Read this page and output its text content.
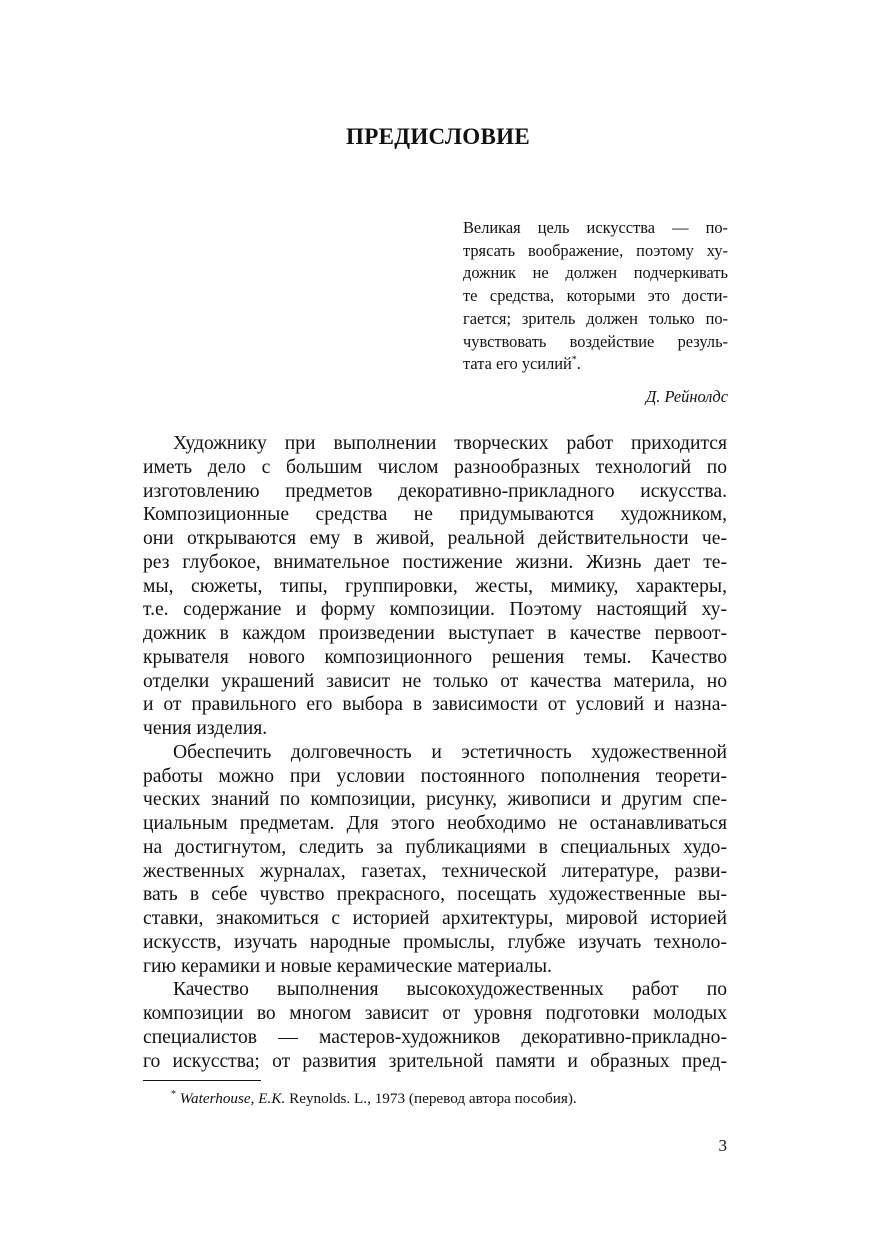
ПРЕДИСЛОВИЕ
Великая цель искусства — по-
трясать воображение, поэтому ху-
дожник не должен подчеркивать
те средства, которыми это дости-
гается; зритель должен только по-
чувствовать воздействие резуль-
тата его усилий*.
Д. Рейнолдс
Художнику при выполнении творческих работ приходится
иметь дело с большим числом разнообразных технологий по
изготовлению предметов декоративно-прикладного искусства.
Композиционные средства не придумываются художником,
они открываются ему в живой, реальной действительности че-
рез глубокое, внимательное постижение жизни. Жизнь дает те-
мы, сюжеты, типы, группировки, жесты, мимику, характеры,
т.е. содержание и форму композиции. Поэтому настоящий ху-
дожник в каждом произведении выступает в качестве первоот-
крывателя нового композиционного решения темы. Качество
отделки украшений зависит не только от качества материла, но
и от правильного его выбора в зависимости от условий и назна-
чения изделия.
Обеспечить долговечность и эстетичность художественной
работы можно при условии постоянного пополнения теорети-
ческих знаний по композиции, рисунку, живописи и другим спе-
циальным предметам. Для этого необходимо не останавливаться
на достигнутом, следить за публикациями в специальных худо-
жественных журналах, газетах, технической литературе, разви-
вать в себе чувство прекрасного, посещать художественные вы-
ставки, знакомиться с историей архитектуры, мировой историей
искусств, изучать народные промыслы, глубже изучать техноло-
гию керамики и новые керамические материалы.
Качество выполнения высокохудожественных работ по
композиции во многом зависит от уровня подготовки молодых
специалистов — мастеров-художников декоративно-прикладно-
го искусства; от развития зрительной памяти и образных пред-
* Waterhouse, E.K. Reynolds. L., 1973 (перевод автора пособия).
3
